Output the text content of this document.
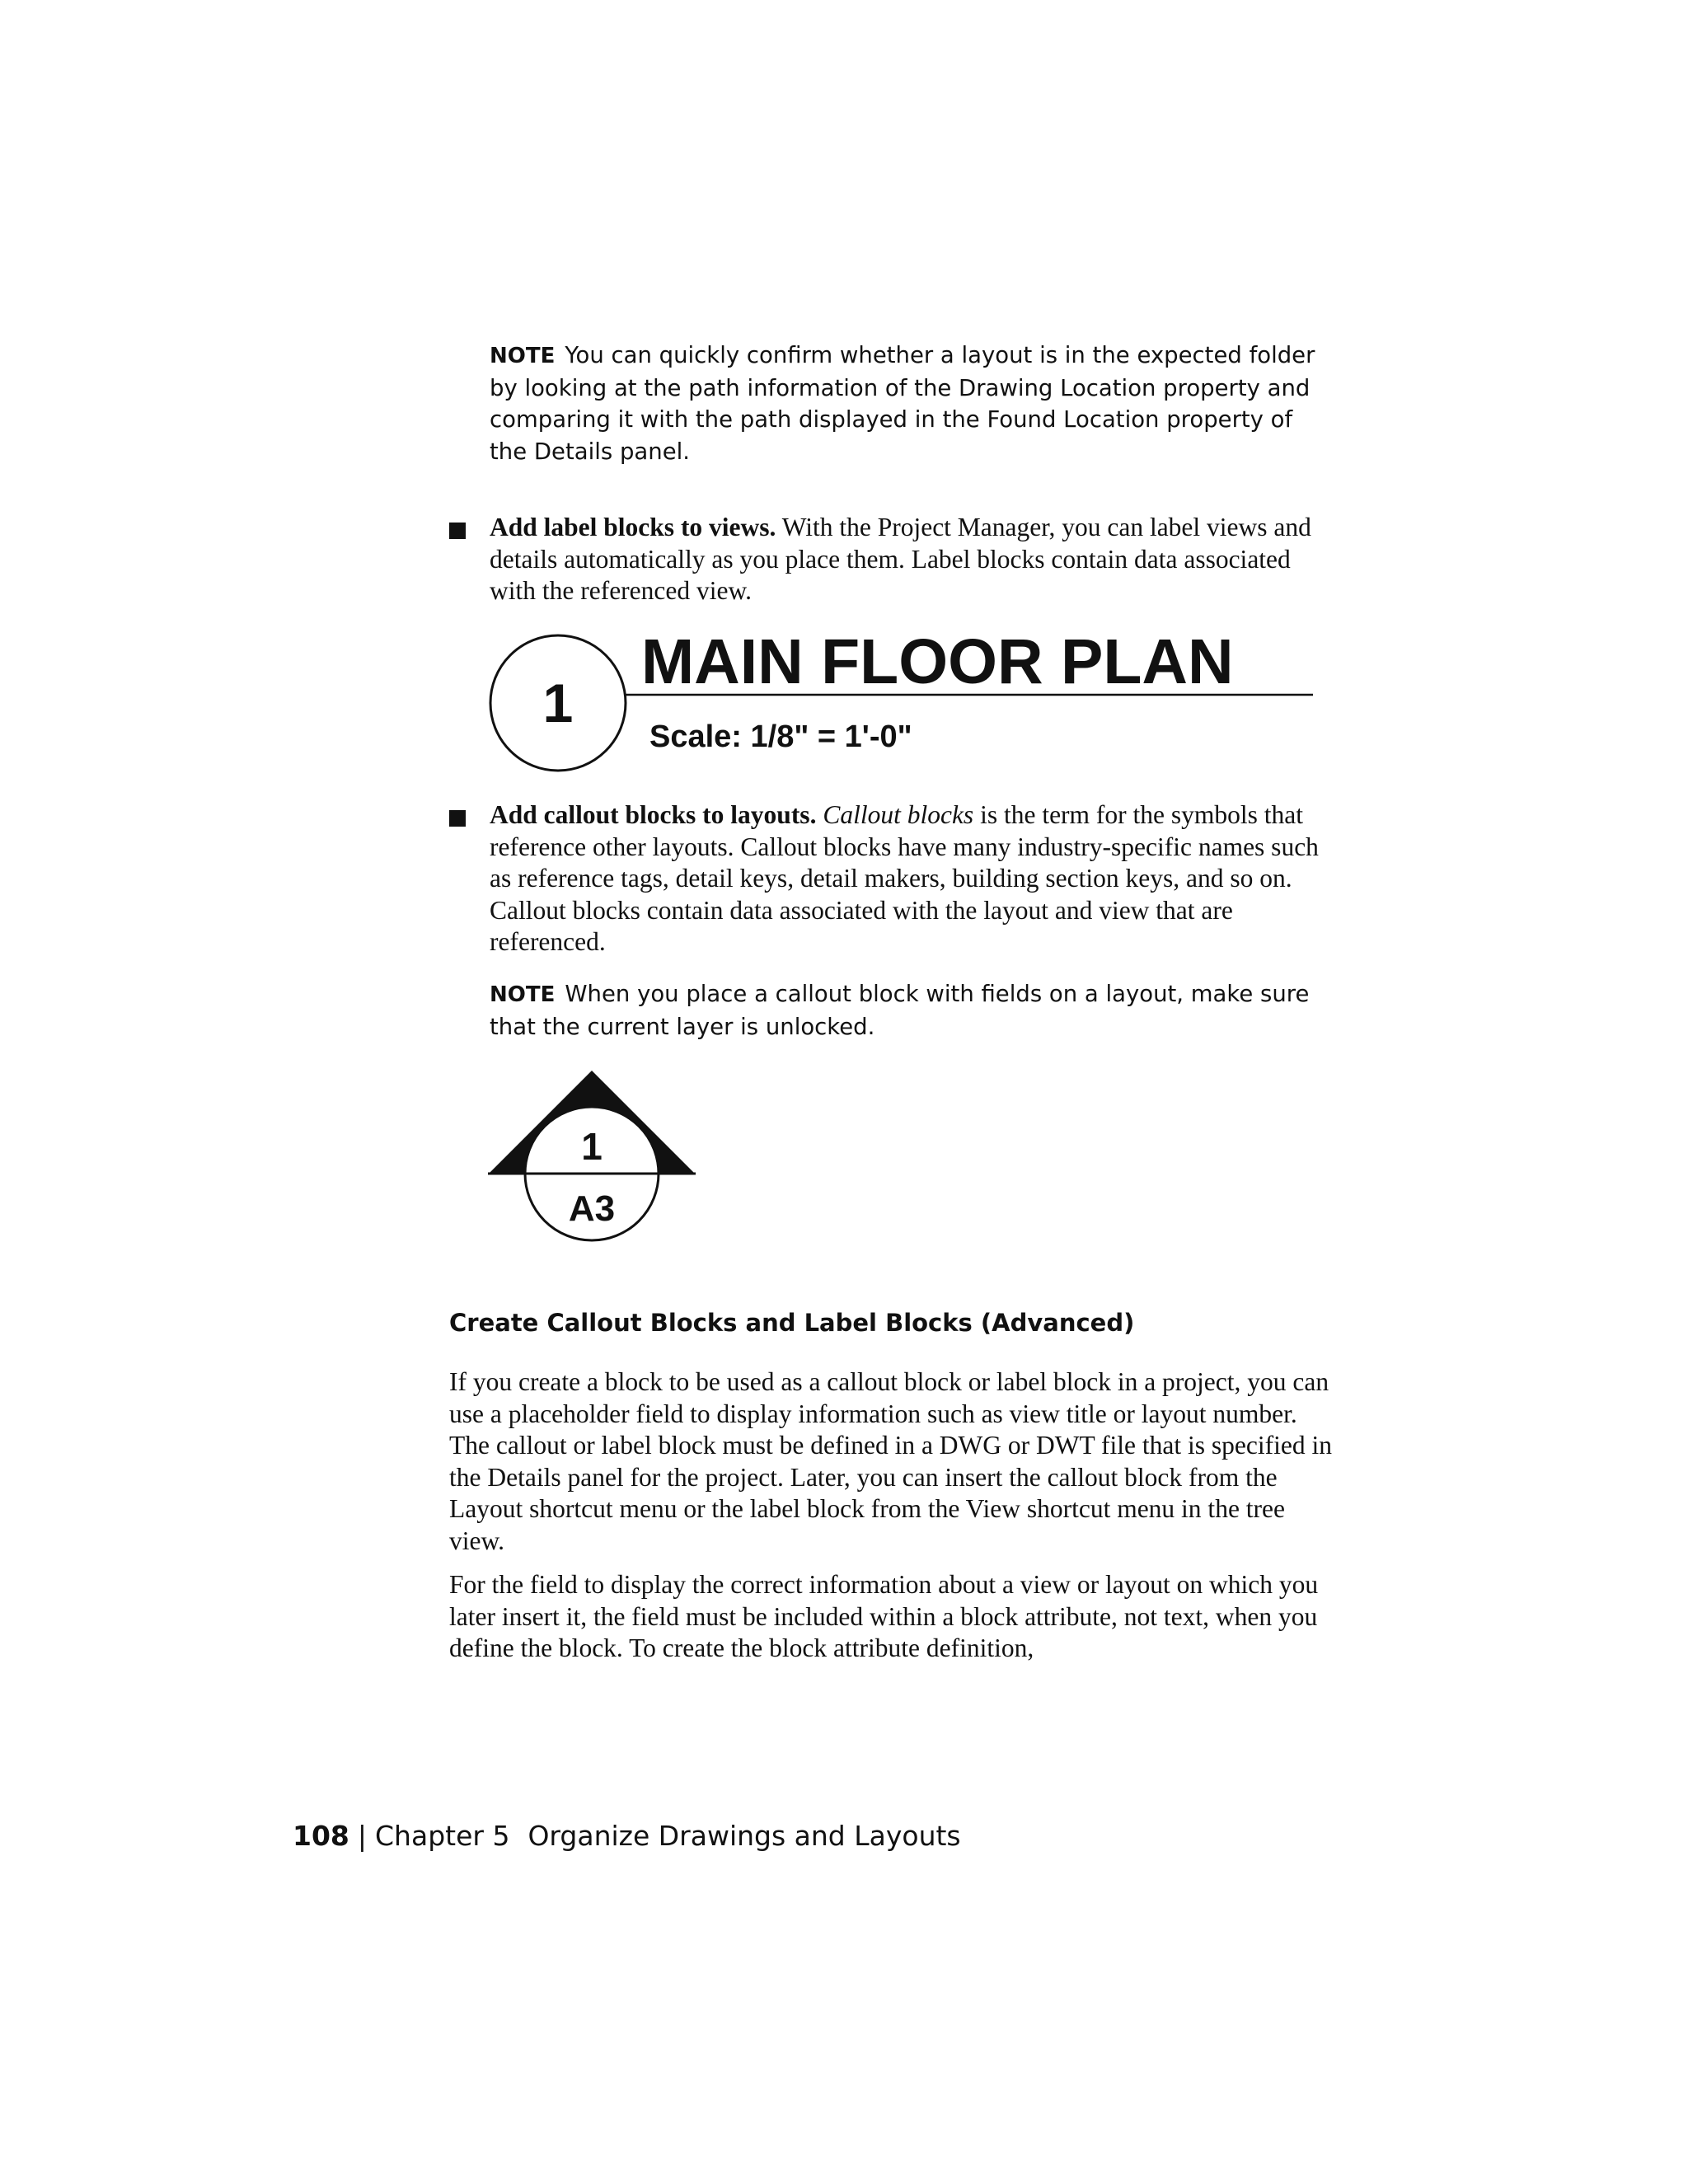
NOTE You can quickly confirm whether a layout is in the expected folder by looking at the path information of the Drawing Location property and comparing it with the path displayed in the Found Location property of the Details panel.
Add label blocks to views. With the Project Manager, you can label views and details automatically as you place them. Label blocks contain data associated with the referenced view.
1
MAIN FLOOR PLAN
Scale: 1/8" = 1'-0"
Add callout blocks to layouts. Callout blocks is the term for the symbols that reference other layouts. Callout blocks have many industry-specific names such as reference tags, detail keys, detail makers, building section keys, and so on. Callout blocks contain data associated with the layout and view that are referenced.
NOTE When you place a callout block with fields on a layout, make sure that the current layer is unlocked.
1
A3
Create Callout Blocks and Label Blocks (Advanced)
If you create a block to be used as a callout block or label block in a project, you can use a placeholder field to display information such as view title or layout number. The callout or label block must be defined in a DWG or DWT file that is specified in the Details panel for the project. Later, you can insert the callout block from the Layout shortcut menu or the label block from the View shortcut menu in the tree view.
For the field to display the correct information about a view or layout on which you later insert it, the field must be included within a block attribute, not text, when you define the block. To create the block attribute definition,
108 | Chapter 5 Organize Drawings and Layouts
